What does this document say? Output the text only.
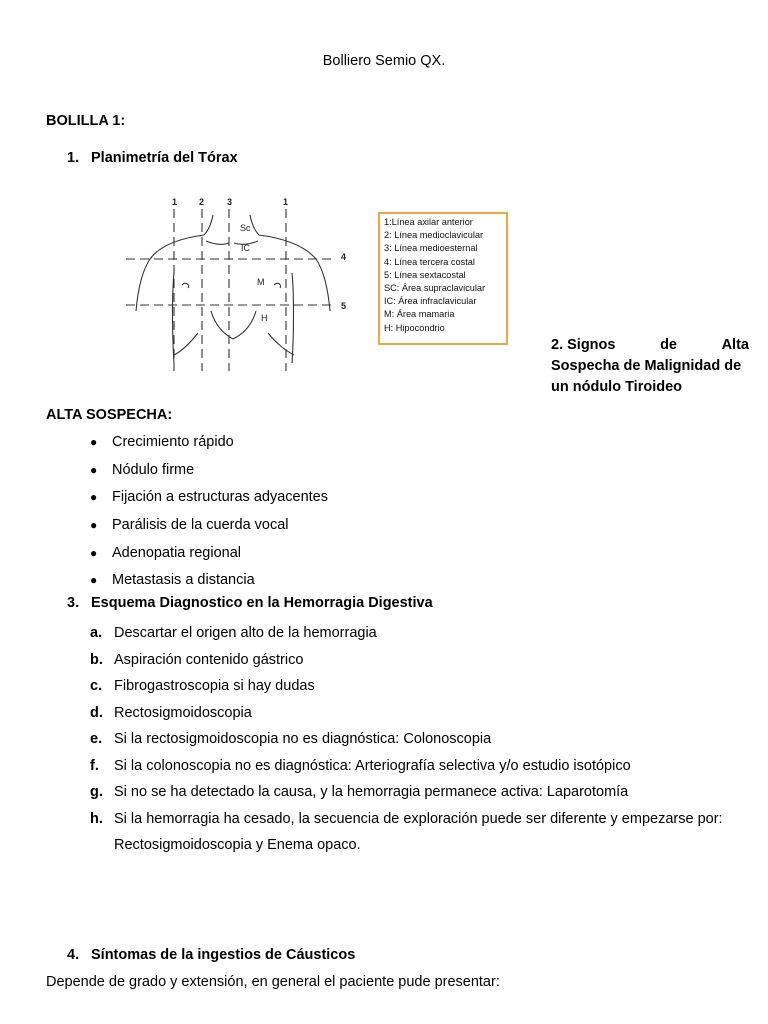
Bolliero Semio QX.
BOLILLA 1:
1. Planimetría del Tórax
1 2	3	1
4
5
Sc
IC
M
H
1:Línea axilar anterior
2: Línea medioclavicular
3: Línea medioesternal
4: Línea tercera costal
5: Línea sextacostal
SC: Área supraclavicular
IC: Área infraclavicular
M: Área mamaria
H: Hipocondrio
2. Signos	de	Alta
Sospecha de Malignidad de un nódulo Tiroideo
ALTA SOSPECHA:
●	Crecimiento rápido
●	Nódulo firme
●	Fijación a estructuras adyacentes
●	Parálisis de la cuerda vocal
●	Adenopatia regional
●	Metastasis a distancia
3. Esquema Diagnostico en la Hemorragia Digestiva
a. Descartar el origen alto de la hemorragia
b. Aspiración contenido gástrico
c. Fibrogastroscopia si hay dudas
d. Rectosigmoidoscopia
e. Si la rectosigmoidoscopia no es diagnóstica: Colonoscopia
f.	Si la colonoscopia no es diagnóstica: Arteriografía selectiva y/o estudio isotópico
g. Si no se ha detectado la causa, y la hemorragia permanece activa: Laparotomía
h. Si la hemorragia ha cesado, la secuencia de exploración puede ser diferente y empezarse por: Rectosigmoidoscopia y Enema opaco.
4. Síntomas de la ingestios de Cáusticos
Depende de grado y extensión, en general el paciente pude presentar:
